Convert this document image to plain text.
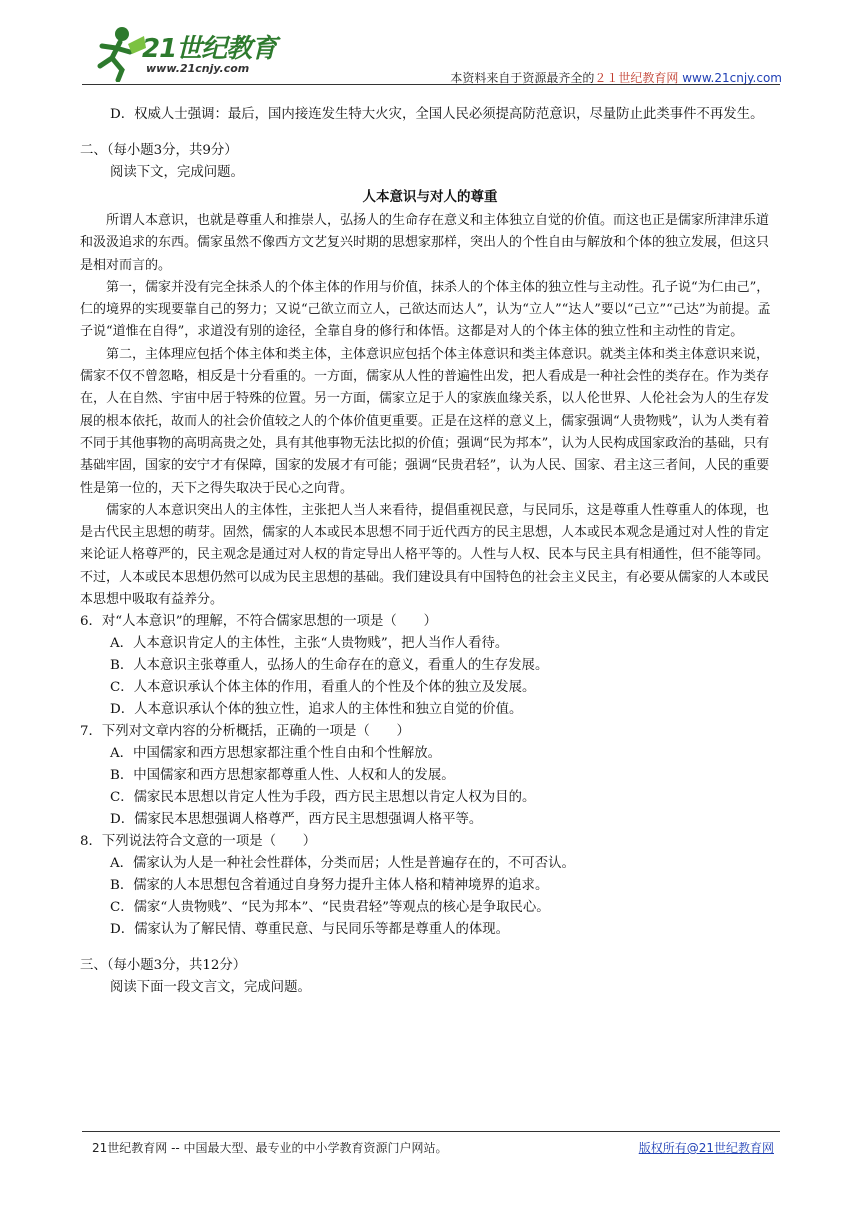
21世纪教育
www.21cnjy.com
本资料来自于资源最齐全的２１世纪教育网 www.21cnjy.com

D．权威人士强调：最后，国内接连发生特大火灾，全国人民必须提高防范意识，尽量防止此类事件不再发生。

二、（每小题3分，共9分）

阅读下文，完成问题。

人本意识与对人的尊重

所谓人本意识，也就是尊重人和推崇人，弘扬人的生命存在意义和主体独立自觉的价值。而这也正是儒家所津津乐道和汲汲追求的东西。儒家虽然不像西方文艺复兴时期的思想家那样，突出人的个性自由与解放和个体的独立发展，但这只是相对而言的。

第一，儒家并没有完全抹杀人的个体主体的作用与价值，抹杀人的个体主体的独立性与主动性。孔子说“为仁由己”，仁的境界的实现要靠自己的努力；又说“己欲立而立人，己欲达而达人”，认为“立人”“达人”要以“己立”“己达”为前提。孟子说“道惟在自得”，求道没有别的途径，全靠自身的修行和体悟。这都是对人的个体主体的独立性和主动性的肯定。

第二，主体理应包括个体主体和类主体，主体意识应包括个体主体意识和类主体意识。就类主体和类主体意识来说，儒家不仅不曾忽略，相反是十分看重的。一方面，儒家从人性的普遍性出发，把人看成是一种社会性的类存在。作为类存在，人在自然、宇宙中居于特殊的位置。另一方面，儒家立足于人的家族血缘关系，以人伦世界、人伦社会为人的生存发展的根本依托，故而人的社会价值较之人的个体价值更重要。正是在这样的意义上，儒家强调“人贵物贱”，认为人类有着不同于其他事物的高明高贵之处，具有其他事物无法比拟的价值；强调“民为邦本”，认为人民构成国家政治的基础，只有基础牢固，国家的安宁才有保障，国家的发展才有可能；强调“民贵君轻”，认为人民、国家、君主这三者间，人民的重要性是第一位的，天下之得失取决于民心之向背。

儒家的人本意识突出人的主体性，主张把人当人来看待，提倡重视民意，与民同乐，这是尊重人性尊重人的体现，也是古代民主思想的萌芽。固然，儒家的人本或民本思想不同于近代西方的民主思想，人本或民本观念是通过对人性的肯定来论证人格尊严的，民主观念是通过对人权的肯定导出人格平等的。人性与人权、民本与民主具有相通性，但不能等同。不过，人本或民本思想仍然可以成为民主思想的基础。我们建设具有中国特色的社会主义民主，有必要从儒家的人本或民本思想中吸取有益养分。

6．对“人本意识”的理解，不符合儒家思想的一项是（　　）

A．人本意识肯定人的主体性，主张“人贵物贱”，把人当作人看待。

B．人本意识主张尊重人，弘扬人的生命存在的意义，看重人的生存发展。

C．人本意识承认个体主体的作用，看重人的个性及个体的独立及发展。

D．人本意识承认个体的独立性，追求人的主体性和独立自觉的价值。

7．下列对文章内容的分析概括，正确的一项是（　　）

A．中国儒家和西方思想家都注重个性自由和个性解放。

B．中国儒家和西方思想家都尊重人性、人权和人的发展。

C．儒家民本思想以肯定人性为手段，西方民主思想以肯定人权为目的。

D．儒家民本思想强调人格尊严，西方民主思想强调人格平等。

8．下列说法符合文意的一项是（　　）

A．儒家认为人是一种社会性群体，分类而居；人性是普遍存在的，不可否认。

B．儒家的人本思想包含着通过自身努力提升主体人格和精神境界的追求。

C．儒家“人贵物贱”、“民为邦本”、“民贵君轻”等观点的核心是争取民心。

D．儒家认为了解民情、尊重民意、与民同乐等都是尊重人的体现。

三、（每小题3分，共12分）

阅读下面一段文言文，完成问题。

21世纪教育网 -- 中国最大型、最专业的中小学教育资源门户网站。	版权所有@21世纪教育网
